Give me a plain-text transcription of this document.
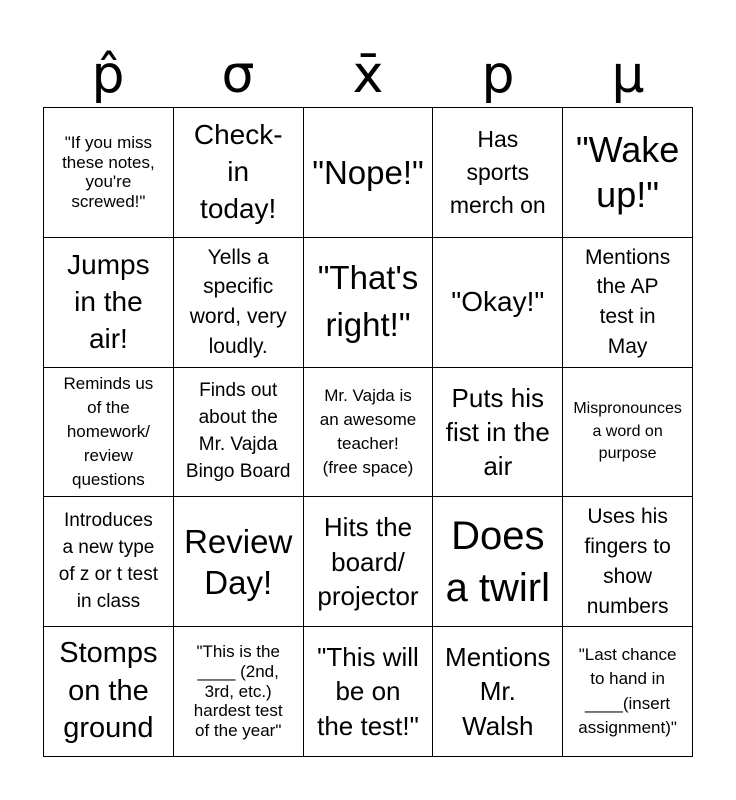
p̂	σ	x̄	p	μ
"If you miss
these notes,
you're
screwed!"
Check-
in
today!
"Nope!"
Has
sports
merch on
"Wake
up!"
Jumps
in the
air!
Yells a
specific
word, very
loudly.
"That's
right!"
"Okay!"
Mentions
the AP
test in
May
Reminds us
of the
homework/
review
questions
Finds out
about the
Mr. Vajda
Bingo Board
Mr. Vajda is
an awesome
teacher!
(free space)
Puts his
fist in the
air
Mispronounces
a word on
purpose
Introduces
a new type
of z or t test
in class
Review
Day!
Hits the
board/
projector
Does
a twirl
Uses his
fingers to
show
numbers
Stomps
on the
ground
"This is the
____ (2nd,
3rd, etc.)
hardest test
of the year"
"This will
be on
the test!"
Mentions
Mr.
Walsh
"Last chance
to hand in
____(insert
assignment)"
